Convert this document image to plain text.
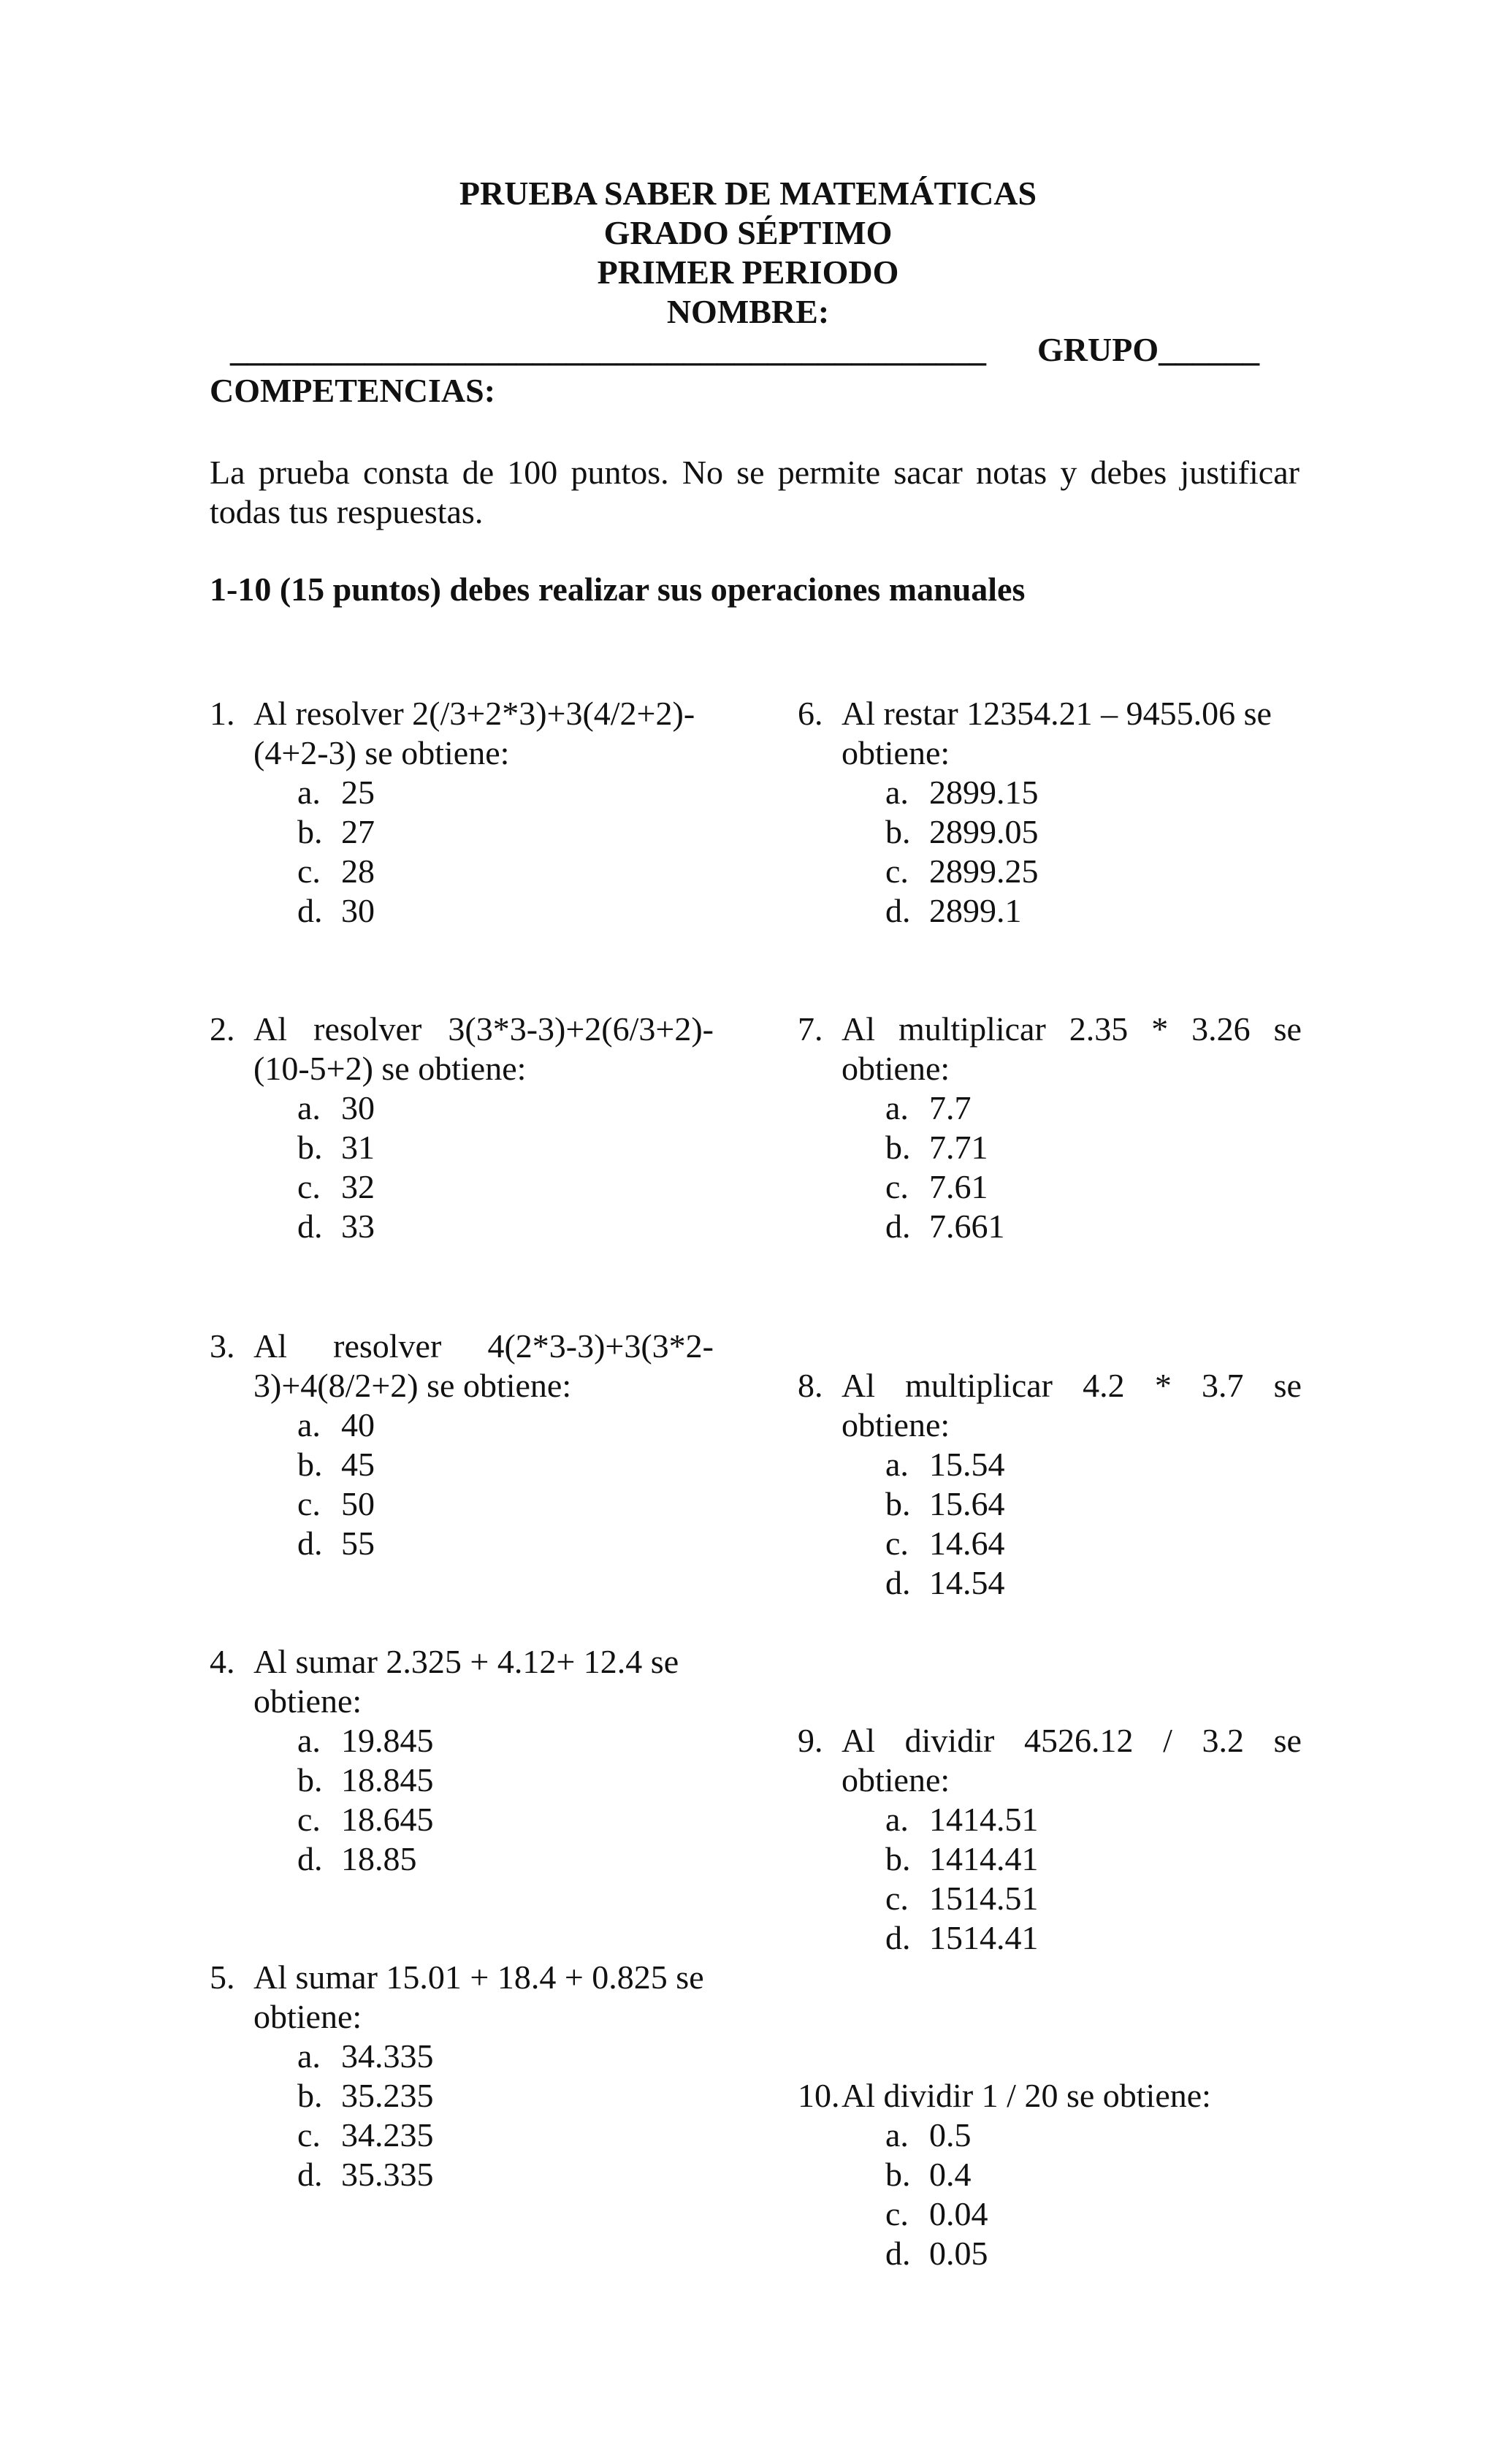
PRUEBA SABER DE MATEMÁTICAS
GRADO SÉPTIMO
PRIMER PERIODO
NOMBRE:
_____________________________________________ GRUPO______
COMPETENCIAS:
La prueba consta de 100 puntos. No se permite sacar notas y debes justificar
todas tus respuestas.
1-10 (15 puntos) debes realizar sus operaciones manuales
1. Al resolver 2(/3+2*3)+3(4/2+2)-
(4+2-3) se obtiene:
a. 25
b. 27
c. 28
d. 30
2. Al resolver 3(3*3-3)+2(6/3+2)-
(10-5+2) se obtiene:
a. 30
b. 31
c. 32
d. 33
3. Al resolver 4(2*3-3)+3(3*2-
3)+4(8/2+2) se obtiene:
a. 40
b. 45
c. 50
d. 55
4. Al sumar 2.325 + 4.12+ 12.4 se
obtiene:
a. 19.845
b. 18.845
c. 18.645
d. 18.85
5. Al sumar 15.01 + 18.4 + 0.825 se
obtiene:
a. 34.335
b. 35.235
c. 34.235
d. 35.335
6. Al restar 12354.21 – 9455.06 se
obtiene:
a. 2899.15
b. 2899.05
c. 2899.25
d. 2899.1
7. Al multiplicar 2.35 * 3.26 se
obtiene:
a. 7.7
b. 7.71
c. 7.61
d. 7.661
8. Al multiplicar 4.2 * 3.7 se
obtiene:
a. 15.54
b. 15.64
c. 14.64
d. 14.54
9. Al dividir 4526.12 / 3.2 se
obtiene:
a. 1414.51
b. 1414.41
c. 1514.51
d. 1514.41
10. Al dividir 1 / 20 se obtiene:
a. 0.5
b. 0.4
c. 0.04
d. 0.05
